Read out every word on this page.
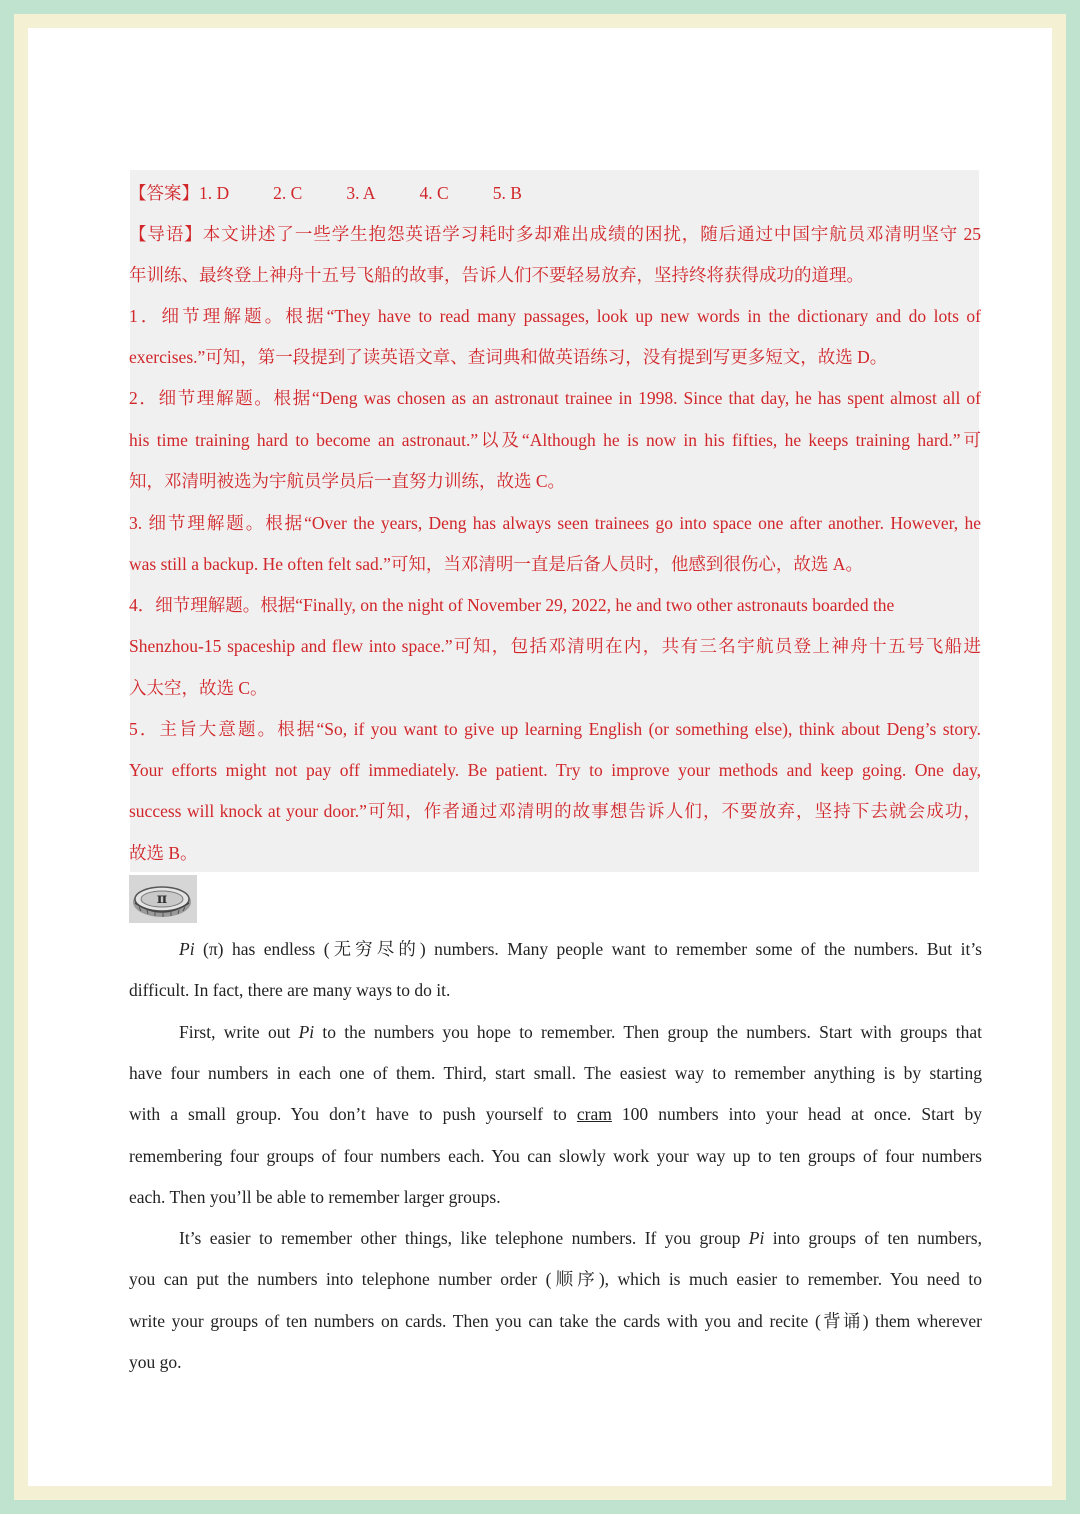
【答案】1. D	2. C	3. A	4. C	5. B
【导语】本文讲述了一些学生抱怨英语学习耗时多却难出成绩的困扰，随后通过中国宇航员邓清明坚守 25
年训练、最终登上神舟十五号飞船的故事，告诉人们不要轻易放弃，坚持终将获得成功的道理。
1．细节理解题。根据“They have to read many passages, look up new words in the dictionary and do lots of
exercises.”可知，第一段提到了读英语文章、查词典和做英语练习，没有提到写更多短文，故选 D。
2．细节理解题。根据“Deng was chosen as an astronaut trainee in 1998. Since that day, he has spent almost all of
his time training hard to become an astronaut.”以及“Although he is now in his fifties, he keeps training hard.”可
知，邓清明被选为宇航员学员后一直努力训练，故选 C。
3. 细节理解题。根据“Over the years, Deng has always seen trainees go into space one after another. However, he
was still a backup. He often felt sad.”可知，当邓清明一直是后备人员时，他感到很伤心，故选 A。
4．细节理解题。根据“Finally, on the night of November 29, 2022, he and two other astronauts boarded the
Shenzhou-15 spaceship and flew into space.”可知，包括邓清明在内，共有三名宇航员登上神舟十五号飞船进
入太空，故选 C。
5．主旨大意题。根据“So, if you want to give up learning English (or something else), think about Deng’s story.
Your efforts might not pay off immediately. Be patient. Try to improve your methods and keep going. One day,
success will knock at your door.”可知，作者通过邓清明的故事想告诉人们，不要放弃，坚持下去就会成功，
故选 B。
π
Pi (π) has endless (无穷尽的) numbers. Many people want to remember some of the numbers. But it’s
difficult. In fact, there are many ways to do it.
First, write out Pi to the numbers you hope to remember. Then group the numbers. Start with groups that
have four numbers in each one of them. Third, start small. The easiest way to remember anything is by starting
with a small group. You don’t have to push yourself to cram 100 numbers into your head at once. Start by
remembering four groups of four numbers each. You can slowly work your way up to ten groups of four numbers
each. Then you’ll be able to remember larger groups.
It’s easier to remember other things, like telephone numbers. If you group Pi into groups of ten numbers,
you can put the numbers into telephone number order (顺序), which is much easier to remember. You need to
write your groups of ten numbers on cards. Then you can take the cards with you and recite (背诵) them wherever
you go.
